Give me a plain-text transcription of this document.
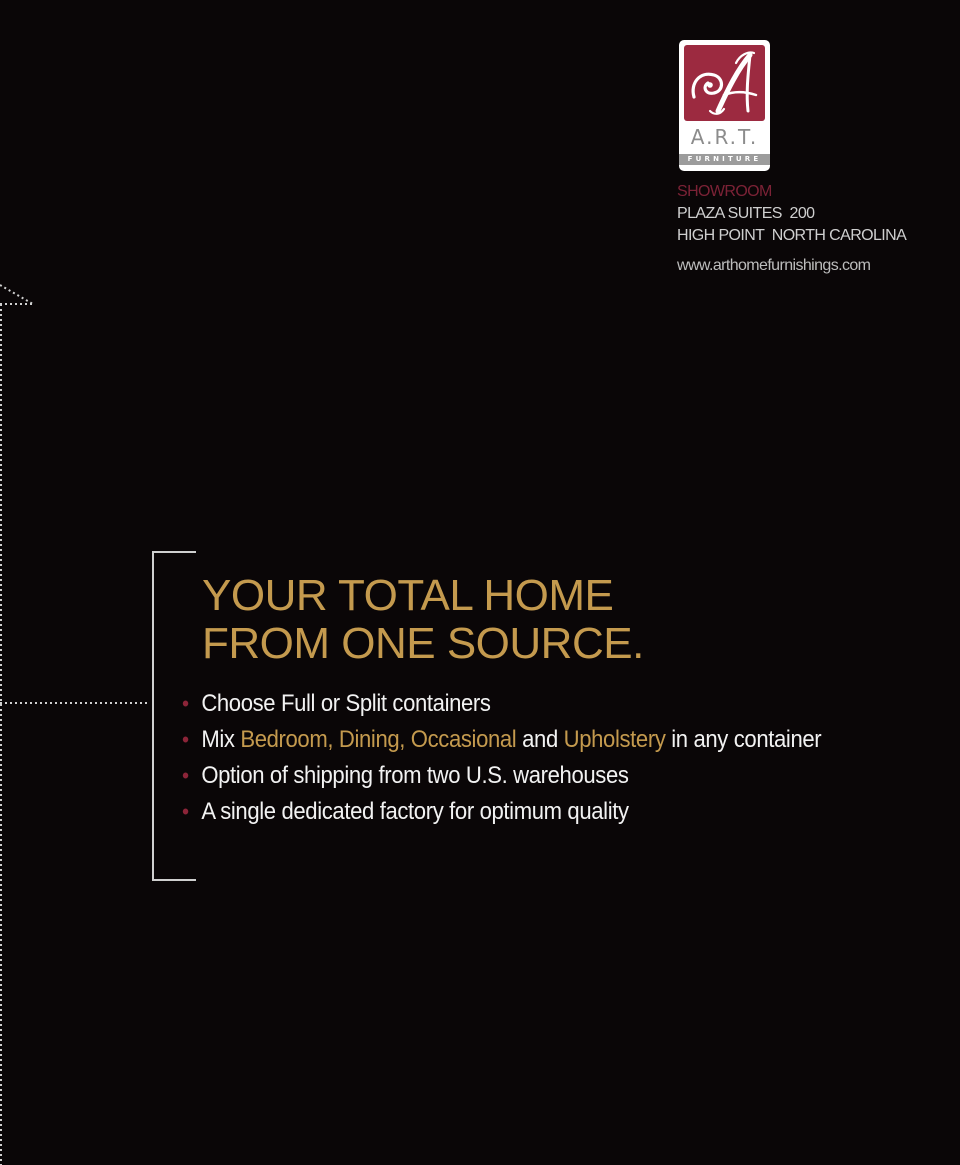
A.R.T.
FURNITURE
SHOWROOM
PLAZA SUITES  200
HIGH POINT  NORTH CAROLINA
www.arthomefurnishings.com
YOUR TOTAL HOME
FROM ONE SOURCE.
• Choose Full or Split containers
• Mix Bedroom, Dining, Occasional and Upholstery in any container
• Option of shipping from two U.S. warehouses
• A single dedicated factory for optimum quality
